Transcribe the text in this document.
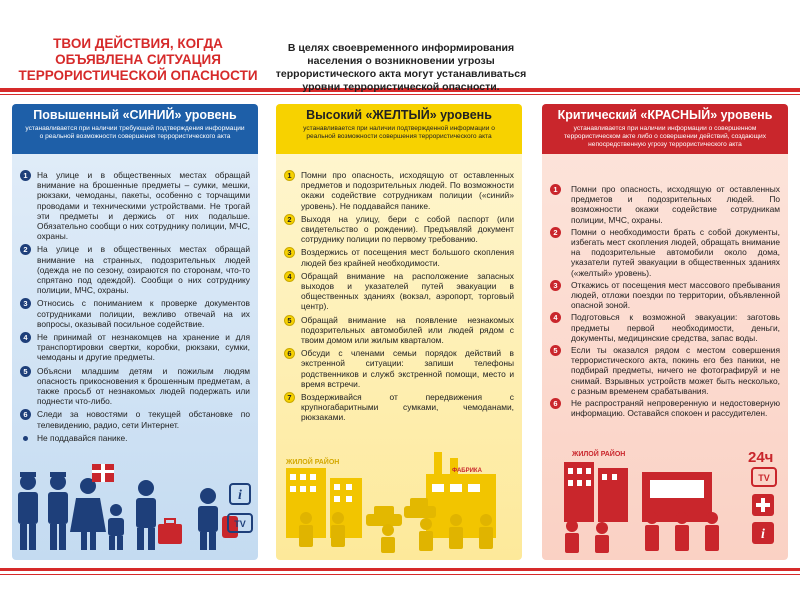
ТВОИ ДЕЙСТВИЯ, КОГДА ОБЪЯВЛЕНА СИТУАЦИЯ ТЕРРОРИСТИЧЕСКОЙ ОПАСНОСТИ
В целях своевременного информирования населения о возникновении угрозы террористического акта могут устанавливаться уровни террористической опасности.
Повышенный «СИНИЙ» уровень
устанавливается при наличии требующей подтверждения информации о реальной возможности совершения террористического акта
1	На улице и в общественных местах обращай внимание на брошенные предметы – сумки, мешки, рюкзаки, чемоданы, пакеты, особенно с торчащими проводами и техническими устройствами. Не трогай эти предметы и держись от них подальше. Обязательно сообщи о них сотруднику полиции, МЧС, охраны.
2	На улице и в общественных местах обращай внимание на странных, подозрительных людей (одежда не по сезону, озираются по сторонам, что-то спрятано под одеждой). Сообщи о них сотруднику полиции, МЧС, охраны.
3	Относись с пониманием к проверке документов сотрудниками полиции, вежливо отвечай на их вопросы, оказывай посильное содействие.
4	Не принимай от незнакомцев на хранение и для транспортировки свертки, коробки, рюкзаки, сумки, чемоданы и другие предметы.
5	Объясни младшим детям и пожилым людям опасность прикосновения к брошенным предметам, а также просьб от незнакомых людей подержать или поднести что-либо.
6	Следи за новостями о текущей обстановке по телевидению, радио, сети Интернет.
Не поддавайся панике.
i
TV
Высокий «ЖЕЛТЫЙ» уровень
устанавливается при наличии подтвержденной информации о реальной возможности совершения террористического акта
1	Помни про опасность, исходящую от оставленных предметов и подозрительных людей. По возможности окажи содействие сотрудникам полиции («синий» уровень). Не поддавайся панике.
2	Выходя на улицу, бери с собой паспорт (или свидетельство о рождении). Предъявляй документ сотруднику полиции по первому требованию.
3	Воздержись от посещения мест большого скопления людей без крайней необходимости.
4	Обращай внимание на расположение запасных выходов и указателей путей эвакуации в общественных зданиях (вокзал, аэропорт, торговый центр).
5	Обращай внимание на появление незнакомых подозрительных автомобилей или людей рядом с твоим домом или жилым кварталом.
6	Обсуди с членами семьи порядок действий в экстренной ситуации: запиши телефоны родственников и служб экстренной помощи, место и время встречи.
7	Воздерживайся от передвижения с крупногабаритными сумками, чемоданами, рюкзаками.
ЖИЛОЙ РАЙОН
ФАБРИКА
Критический «КРАСНЫЙ» уровень
устанавливается при наличии информации о совершенном террористическом акте либо о совершении действий, создающих непосредственную угрозу террористического акта
1	Помни про опасность, исходящую от оставленных предметов и подозрительных людей. По возможности окажи содействие сотрудникам полиции, МЧС, охраны.
2	Помни о необходимости брать с собой документы, избегать мест скопления людей, обращать внимание на подозрительные автомобили около дома, указатели путей эвакуации в общественных зданиях («желтый» уровень).
3	Откажись от посещения мест массового пребывания людей, отложи поездки по территории, объявленной опасной зоной.
4	Подготовься к возможной эвакуации: заготовь предметы первой необходимости, деньги, документы, медицинские средства, запас воды.
5	Если ты оказался рядом с местом совершения террористического акта, покинь его без паники, не подбирай предметы, ничего не фотографируй и не снимай. Взрывных устройств может быть несколько, с разным временем срабатывания.
6	Не распространяй непроверенную и недостоверную информацию. Оставайся спокоен и рассудителен.
ЖИЛОЙ РАЙОН	24ч
TV
i
